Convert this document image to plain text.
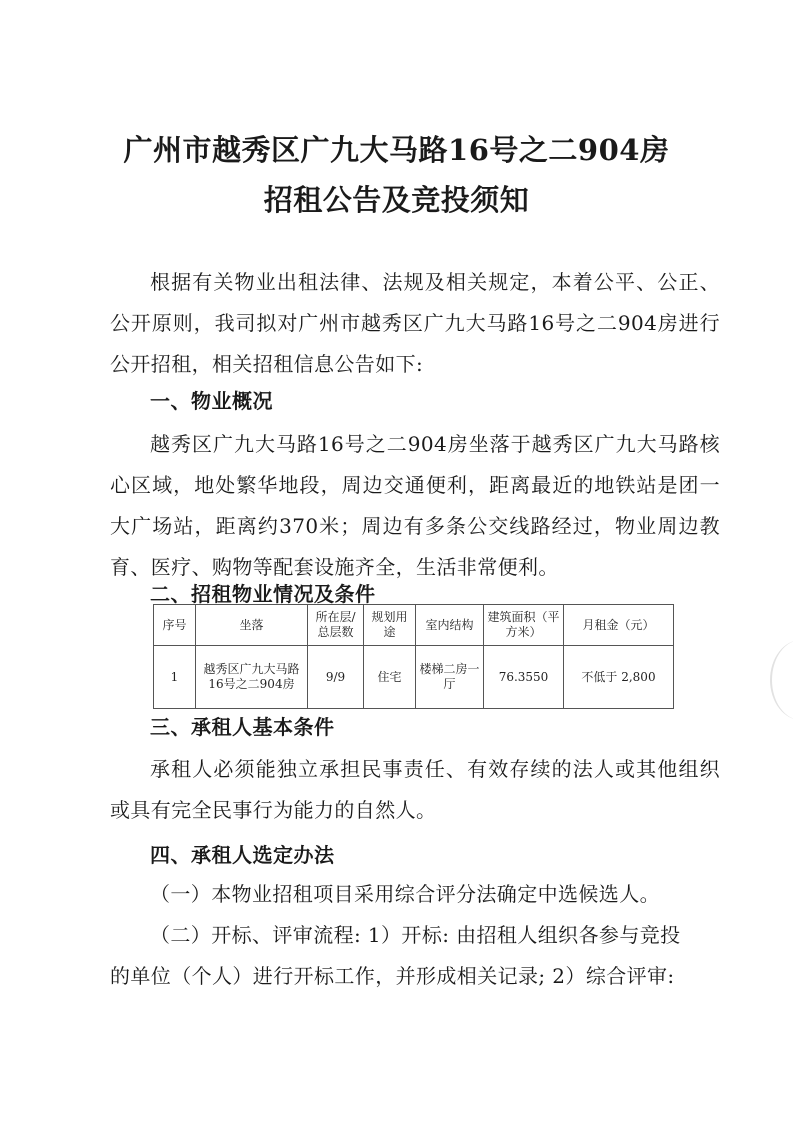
广州市越秀区广九大马路16号之二904房
招租公告及竞投须知

根据有关物业出租法律、法规及相关规定，本着公平、公正、公开原则，我司拟对广州市越秀区广九大马路16号之二904房进行公开招租，相关招租信息公告如下:

一、物业概况

越秀区广九大马路16号之二904房坐落于越秀区广九大马路核心区域，地处繁华地段，周边交通便利，距离最近的地铁站是团一大广场站，距离约370米；周边有多条公交线路经过，物业周边教育、医疗、购物等配套设施齐全，生活非常便利。

二、招租物业情况及条件
序号	坐落	所在层/总层数	规划用途	室内结构	建筑面积（平方米）	月租金（元）
1	越秀区广九大马路16号之二904房	9/9	住宅	楼梯二房一厅	76.3550	不低于 2,800
三、承租人基本条件

承租人必须能独立承担民事责任、有效存续的法人或其他组织或具有完全民事行为能力的自然人。

四、承租人选定办法
（一）本物业招租项目采用综合评分法确定中选候选人。
（二）开标、评审流程: 1）开标: 由招租人组织各参与竞投
的单位（个人）进行开标工作，并形成相关记录; 2）综合评审:
